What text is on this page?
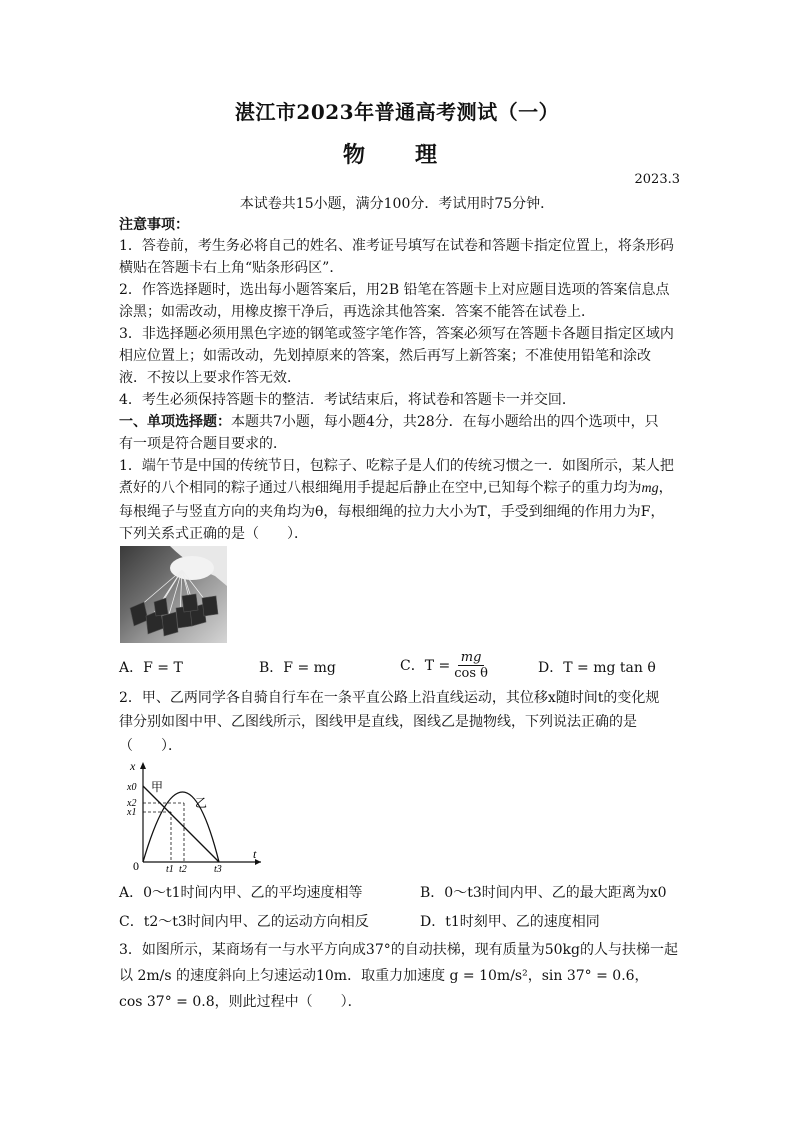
湛江市2023年普通高考测试（一）
物　理
2023.3
本试卷共15小题，满分100分．考试用时75分钟．
注意事项：
1．答卷前，考生务必将自己的姓名、准考证号填写在试卷和答题卡指定位置上，将条形码
横贴在答题卡右上角“贴条形码区”．
2．作答选择题时，选出每小题答案后，用2B 铅笔在答题卡上对应题目选项的答案信息点
涂黑；如需改动，用橡皮擦干净后，再选涂其他答案．答案不能答在试卷上．
3．非选择题必须用黑色字迹的钢笔或签字笔作答，答案必须写在答题卡各题目指定区域内
相应位置上；如需改动，先划掉原来的答案，然后再写上新答案；不准使用铅笔和涂改
液．不按以上要求作答无效．
4．考生必须保持答题卡的整洁．考试结束后，将试卷和答题卡一并交回．
一、单项选择题：本题共7小题，每小题4分，共28分．在每小题给出的四个选项中，只
有一项是符合题目要求的．
1．端午节是中国的传统节日，包粽子、吃粽子是人们的传统习惯之一．如图所示，某人把
煮好的八个相同的粽子通过八根细绳用手提起后静止在空中,已知每个粽子的重力均为mg，
每根绳子与竖直方向的夹角均为θ，每根细绳的拉力大小为T，手受到细绳的作用力为F，
下列关系式正确的是（　　）．
A．F = T	B．F = mg	C．$T = \frac{mg}{\text{cos θ}}$	D．T = mg tan θ
2．甲、乙两同学各自骑自行车在一条平直公路上沿直线运动，其位移x随时间t的变化规
律分别如图中甲、乙图线所示，图线甲是直线，图线乙是抛物线，下列说法正确的是
（　　）．
x
t
0
x0
x2
x1
t1 t2	t3
甲
乙
A．0～t1时间内甲、乙的平均速度相等	B．0～t3时间内甲、乙的最大距离为x0
C．t2～t3时间内甲、乙的运动方向相反	D．t1时刻甲、乙的速度相同
3．如图所示，某商场有一与水平方向成37°的自动扶梯，现有质量为50kg的人与扶梯一起
以 2m/s 的速度斜向上匀速运动10m．取重力加速度 g = 10m/s²，sin 37° = 0.6，
cos 37° = 0.8，则此过程中（　　）．
